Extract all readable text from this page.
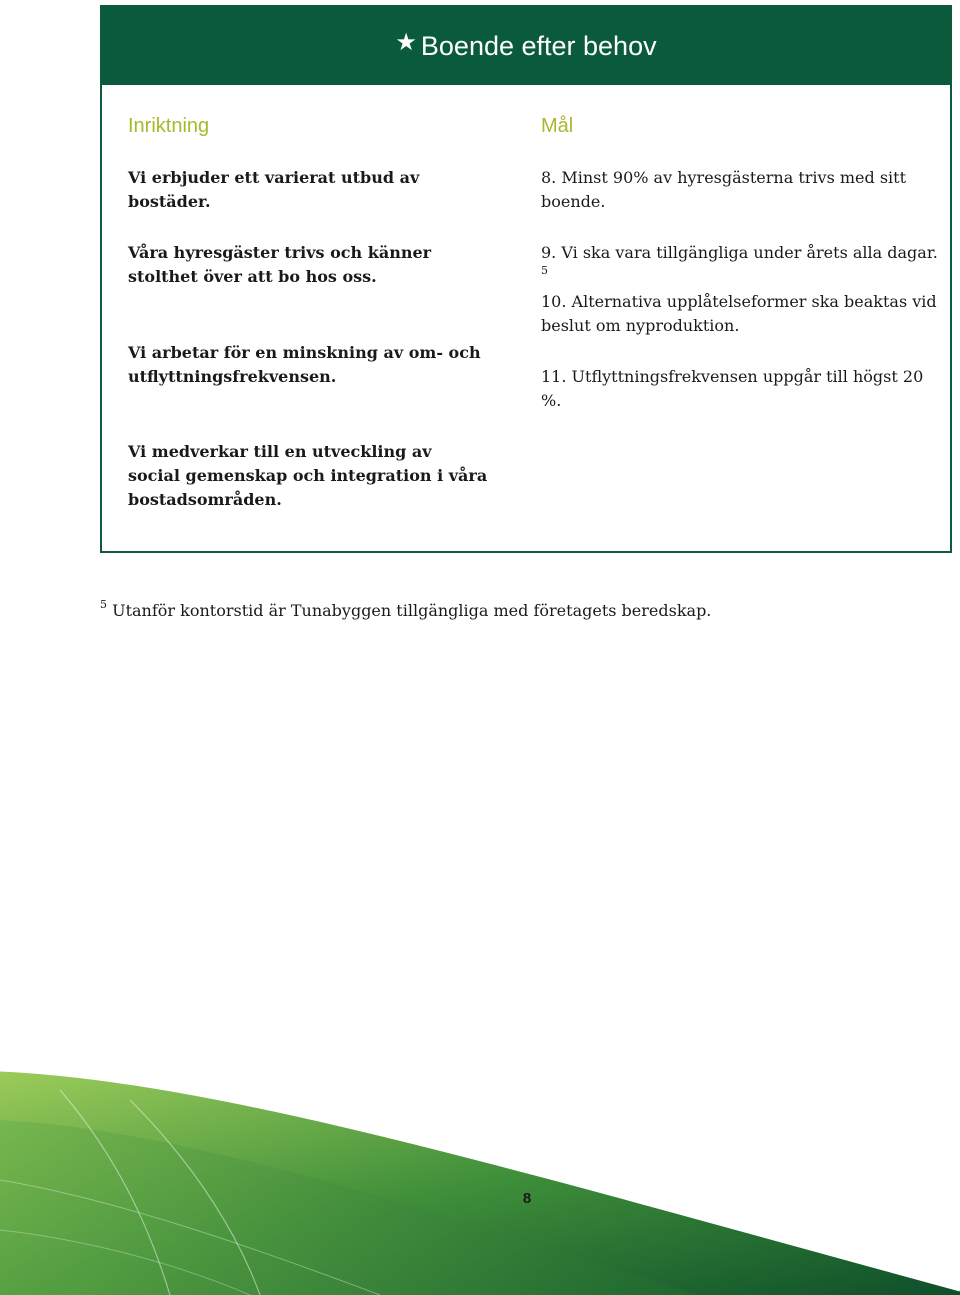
★ Boende efter behov
Inriktning	Mål

Vi erbjuder ett varierat utbud av bostäder.

Våra hyresgäster trivs och känner stolthet över att bo hos oss.

Vi arbetar för en minskning av om- och utflyttningsfrekvensen.

Vi medverkar till en utveckling av social gemenskap och integration i våra bostadsområden.

8. Minst 90% av hyresgästerna trivs med sitt boende.

9. Vi ska vara tillgängliga under årets alla dagar. $^5$

10. Alternativa upplåtelseformer ska beaktas vid beslut om nyproduktion.

11. Utflyttningsfrekvensen uppgår till högst 20 %.

$^5$ Utanför kontorstid är Tunabyggen tillgängliga med företagets beredskap.

8
